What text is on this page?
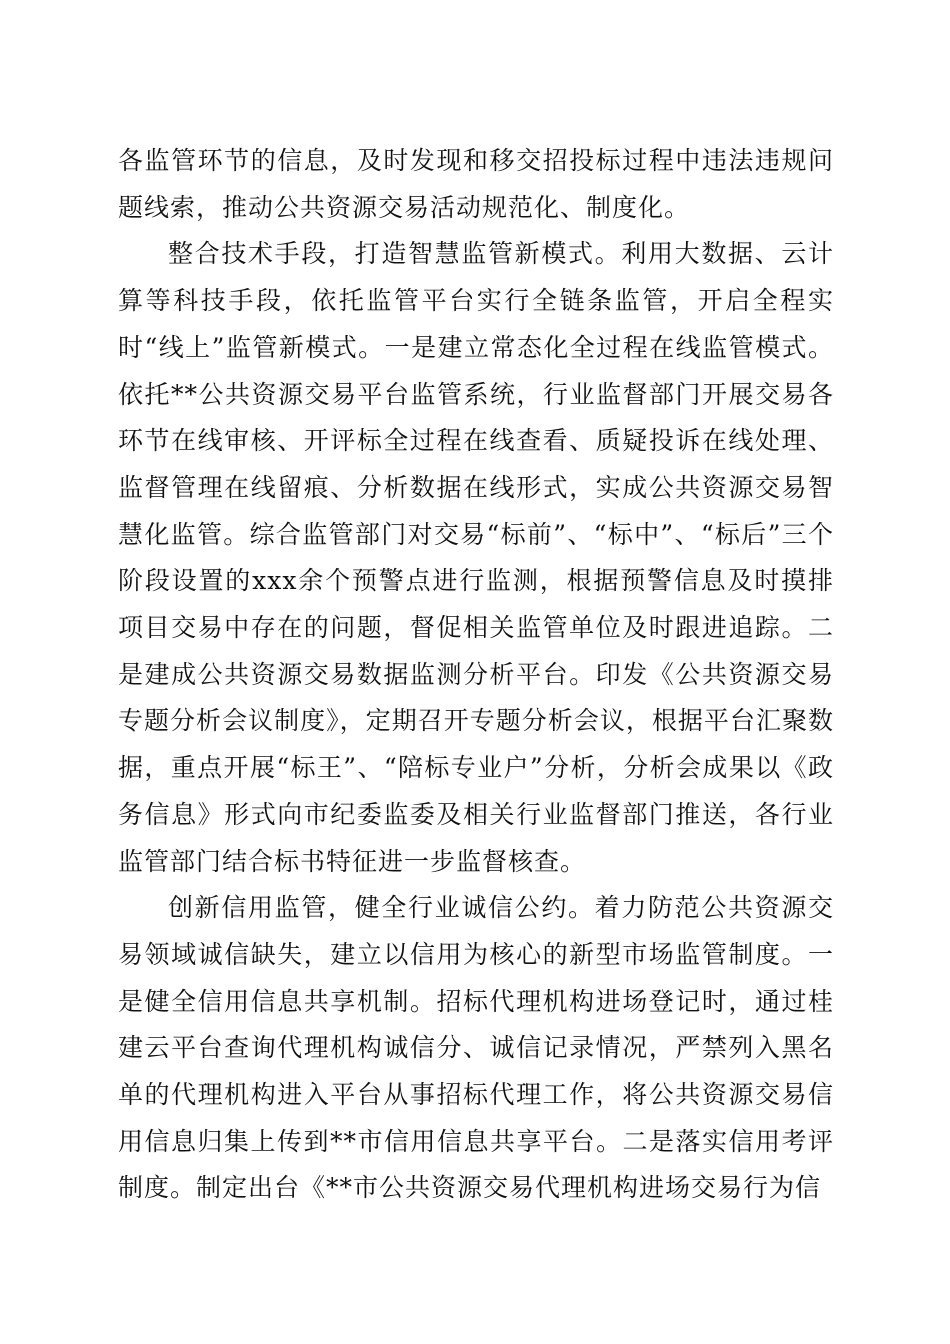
各监管环节的信息，及时发现和移交招投标过程中违法违规问题线索，推动公共资源交易活动规范化、制度化。

整合技术手段，打造智慧监管新模式。利用大数据、云计算等科技手段，依托监管平台实行全链条监管，开启全程实时“线上”监管新模式。一是建立常态化全过程在线监管模式。依托**公共资源交易平台监管系统，行业监督部门开展交易各环节在线审核、开评标全过程在线查看、质疑投诉在线处理、监督管理在线留痕、分析数据在线形式，实成公共资源交易智慧化监管。综合监管部门对交易“标前”、“标中”、“标后”三个阶段设置的xxx余个预警点进行监测，根据预警信息及时摸排项目交易中存在的问题，督促相关监管单位及时跟进追踪。二是建成公共资源交易数据监测分析平台。印发《公共资源交易专题分析会议制度》，定期召开专题分析会议，根据平台汇聚数据，重点开展“标王”、“陪标专业户”分析，分析会成果以《政务信息》形式向市纪委监委及相关行业监督部门推送，各行业监管部门结合标书特征进一步监督核查。

创新信用监管，健全行业诚信公约。着力防范公共资源交易领域诚信缺失，建立以信用为核心的新型市场监管制度。一是健全信用信息共享机制。招标代理机构进场登记时，通过桂建云平台查询代理机构诚信分、诚信记录情况，严禁列入黑名单的代理机构进入平台从事招标代理工作，将公共资源交易信用信息归集上传到**市信用信息共享平台。二是落实信用考评制度。制定出台《**市公共资源交易代理机构进场交易行为信
